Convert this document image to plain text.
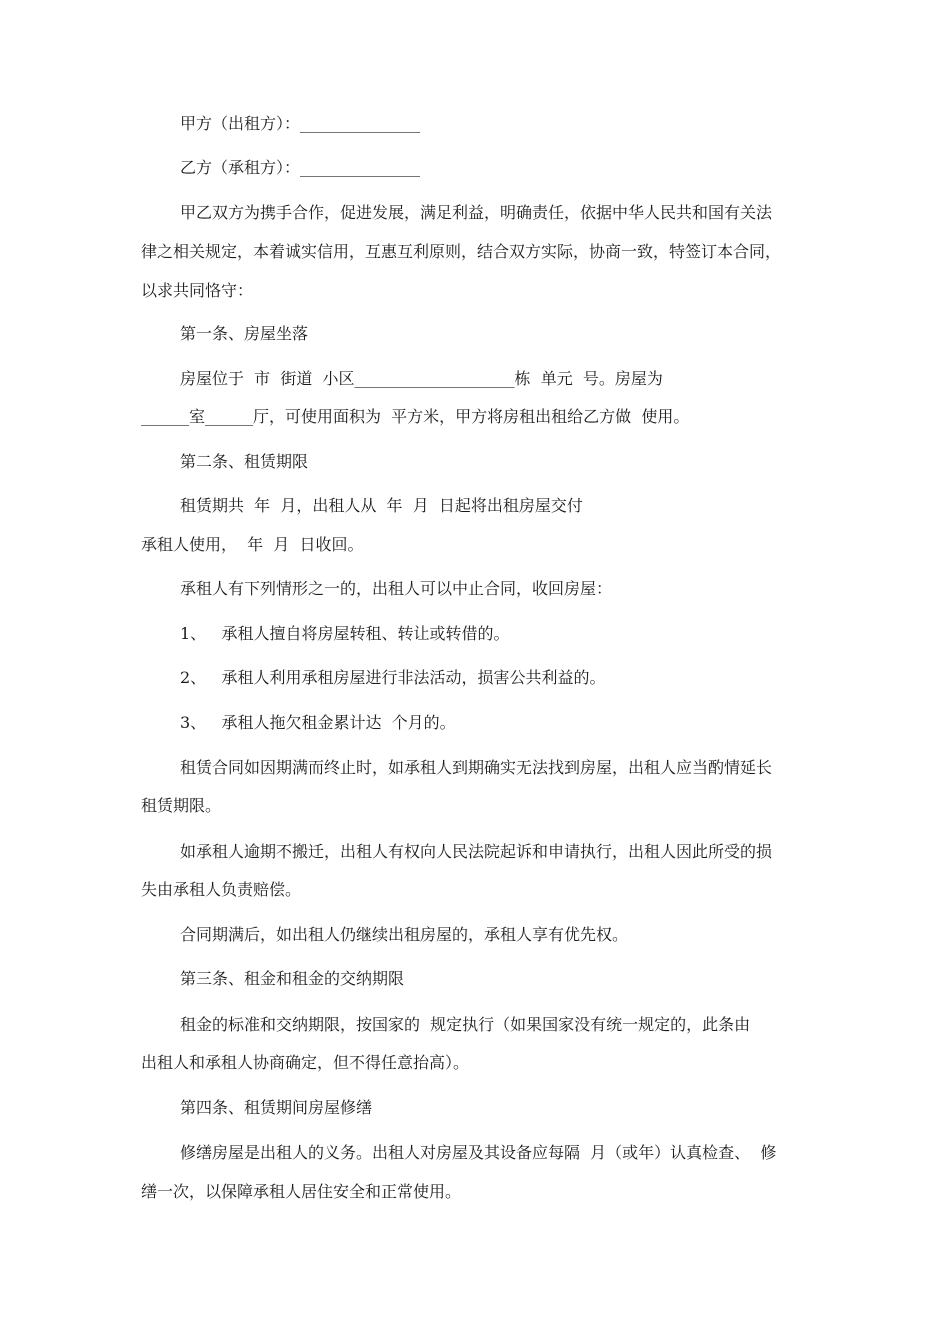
甲方（出租方）：_______________
乙方（承租方）：_______________
甲乙双方为携手合作，促进发展，满足利益，明确责任，依据中华人民共和国有关法
律之相关规定，本着诚实信用，互惠互利原则，结合双方实际，协商一致，特签订本合同，
以求共同恪守：
第一条、房屋坐落
房屋位于  市  街道  小区____________________栋  单元  号。房屋为
______室______厅，可使用面积为  平方米，甲方将房租出租给乙方做  使用。
第二条、租赁期限
租赁期共  年  月，出租人从  年  月  日起将出租房屋交付
承租人使用，  年  月  日收回。
承租人有下列情形之一的，出租人可以中止合同，收回房屋：
1、   承租人擅自将房屋转租、转让或转借的。
2、   承租人利用承租房屋进行非法活动，损害公共利益的。
3、   承租人拖欠租金累计达  个月的。
租赁合同如因期满而终止时，如承租人到期确实无法找到房屋，出租人应当酌情延长
租赁期限。
如承租人逾期不搬迁，出租人有权向人民法院起诉和申请执行，出租人因此所受的损
失由承租人负责赔偿。
合同期满后，如出租人仍继续出租房屋的，承租人享有优先权。
第三条、租金和租金的交纳期限
租金的标准和交纳期限，按国家的  规定执行（如果国家没有统一规定的，此条由
出租人和承租人协商确定，但不得任意抬高）。
第四条、租赁期间房屋修缮
修缮房屋是出租人的义务。出租人对房屋及其设备应每隔  月（或年）认真检查、  修
缮一次，以保障承租人居住安全和正常使用。
